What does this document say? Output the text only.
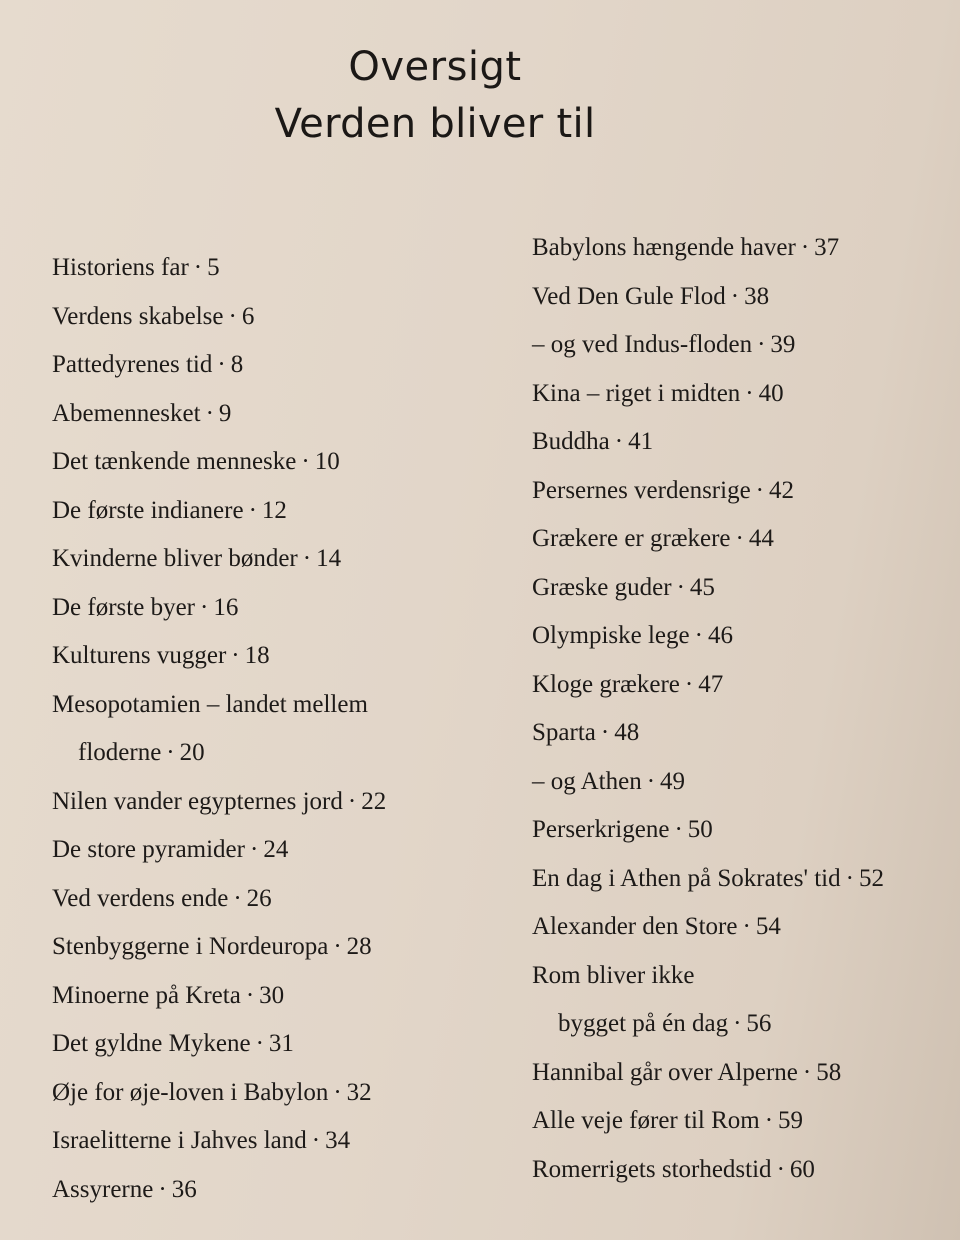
Oversigt
Verden bliver til
Historiens far · 5
Verdens skabelse · 6
Pattedyrenes tid · 8
Abemennesket · 9
Det tænkende menneske · 10
De første indianere · 12
Kvinderne bliver bønder · 14
De første byer · 16
Kulturens vugger · 18
Mesopotamien – landet mellem
floderne · 20
Nilen vander egypternes jord · 22
De store pyramider · 24
Ved verdens ende · 26
Stenbyggerne i Nordeuropa · 28
Minoerne på Kreta · 30
Det gyldne Mykene · 31
Øje for øje-loven i Babylon · 32
Israelitterne i Jahves land · 34
Assyrerne · 36
Babylons hængende haver · 37
Ved Den Gule Flod · 38
– og ved Indus-floden · 39
Kina – riget i midten · 40
Buddha · 41
Persernes verdensrige · 42
Grækere er grækere · 44
Græske guder · 45
Olympiske lege · 46
Kloge grækere · 47
Sparta · 48
– og Athen · 49
Perserkrigene · 50
En dag i Athen på Sokrates' tid · 52
Alexander den Store · 54
Rom bliver ikke
bygget på én dag · 56
Hannibal går over Alperne · 58
Alle veje fører til Rom · 59
Romerrigets storhedstid · 60
